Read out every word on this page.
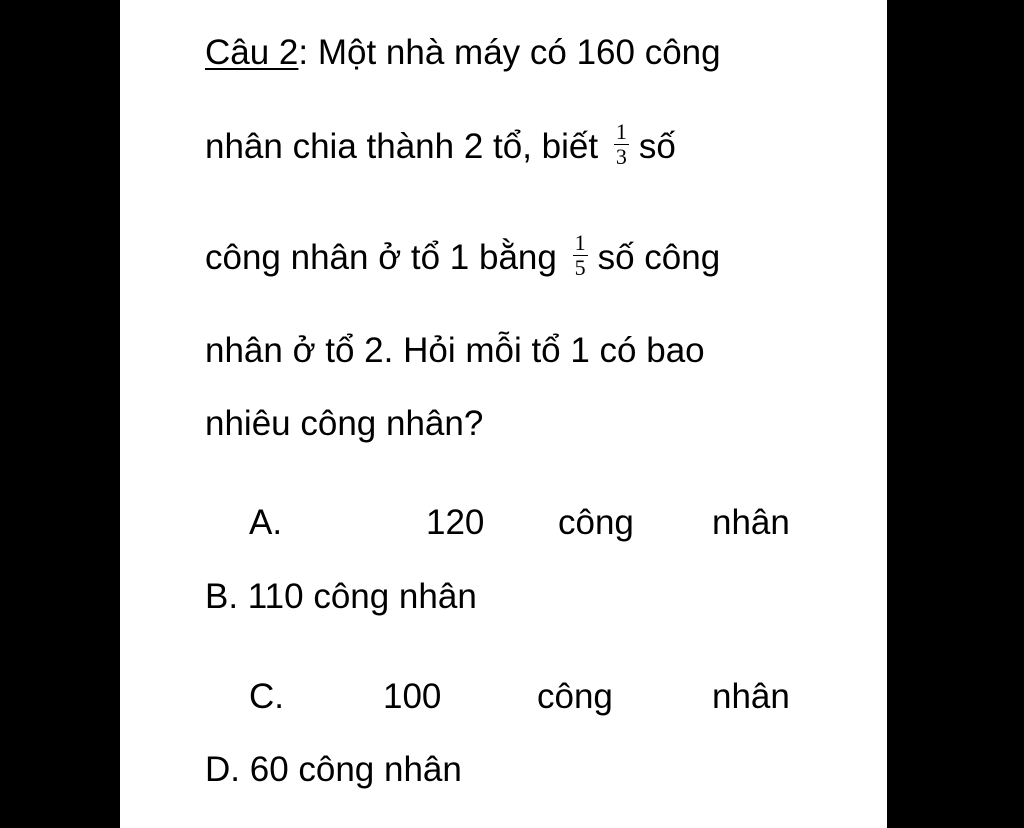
Câu 2: Một nhà máy có 160 công
nhân chia thành 2 tổ, biết $\frac{1}{3}$ số
công nhân ở tổ 1 bằng $\frac{1}{5}$ số công
nhân ở tổ 2. Hỏi mỗi tổ 1 có bao
nhiêu công nhân?
A.	120 công nhân
B. 110 công nhân
C.	100	công	nhân
D. 60 công nhân
